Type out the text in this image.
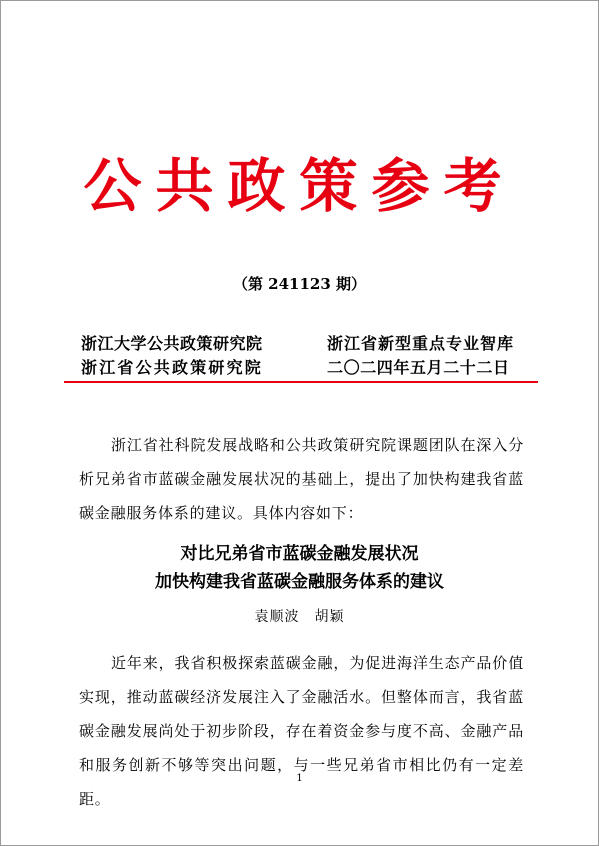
公共政策参考
（第 241123 期）
浙江大学公共政策研究院
浙江省公共政策研究院
浙江省新型重点专业智库
二〇二四年五月二十二日
浙江省社科院发展战略和公共政策研究院课题团队在深入分析兄弟省市蓝碳金融发展状况的基础上，提出了加快构建我省蓝碳金融服务体系的建议。具体内容如下：
对比兄弟省市蓝碳金融发展状况
加快构建我省蓝碳金融服务体系的建议
袁顺波　胡颖
近年来，我省积极探索蓝碳金融，为促进海洋生态产品价值实现，推动蓝碳经济发展注入了金融活水。但整体而言，我省蓝碳金融发展尚处于初步阶段，存在着资金参与度不高、金融产品和服务创新不够等突出问题，与一些兄弟省市相比仍有一定差距。
1
